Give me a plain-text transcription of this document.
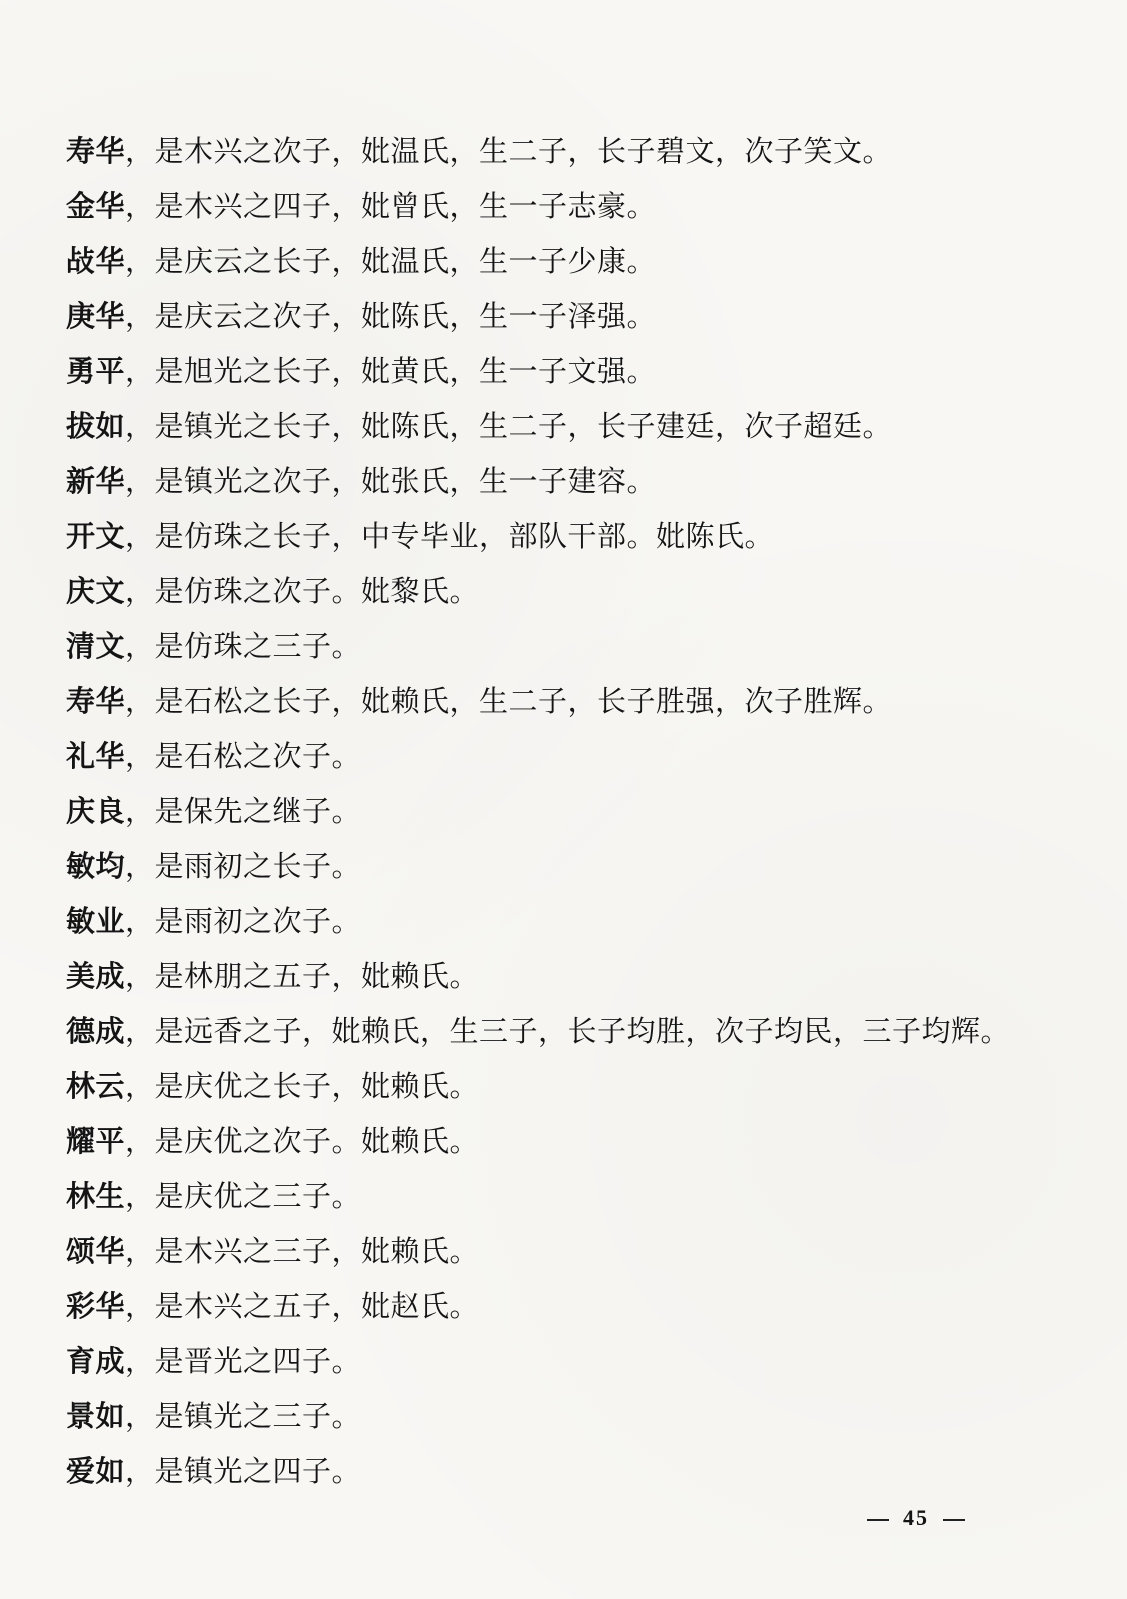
寿华，是木兴之次子，妣温氏，生二子，长子碧文，次子笑文。
金华，是木兴之四子，妣曾氏，生一子志豪。
敁华，是庆云之长子，妣温氏，生一子少康。
庚华，是庆云之次子，妣陈氏，生一子泽强。
勇平，是旭光之长子，妣黄氏，生一子文强。
拔如，是镇光之长子，妣陈氏，生二子，长子建廷，次子超廷。
新华，是镇光之次子，妣张氏，生一子建容。
开文，是仿珠之长子，中专毕业，部队干部。妣陈氏。
庆文，是仿珠之次子。妣黎氏。
清文，是仿珠之三子。
寿华，是石松之长子，妣赖氏，生二子，长子胜强，次子胜辉。
礼华，是石松之次子。
庆良，是保先之继子。
敏均，是雨初之长子。
敏业，是雨初之次子。
美成，是林朋之五子，妣赖氏。
德成，是远香之子，妣赖氏，生三子，长子均胜，次子均民，三子均辉。
林云，是庆优之长子，妣赖氏。
耀平，是庆优之次子。妣赖氏。
林生，是庆优之三子。
颂华，是木兴之三子，妣赖氏。
彩华，是木兴之五子，妣赵氏。
育成，是晋光之四子。
景如，是镇光之三子。
爱如，是镇光之四子。
45
